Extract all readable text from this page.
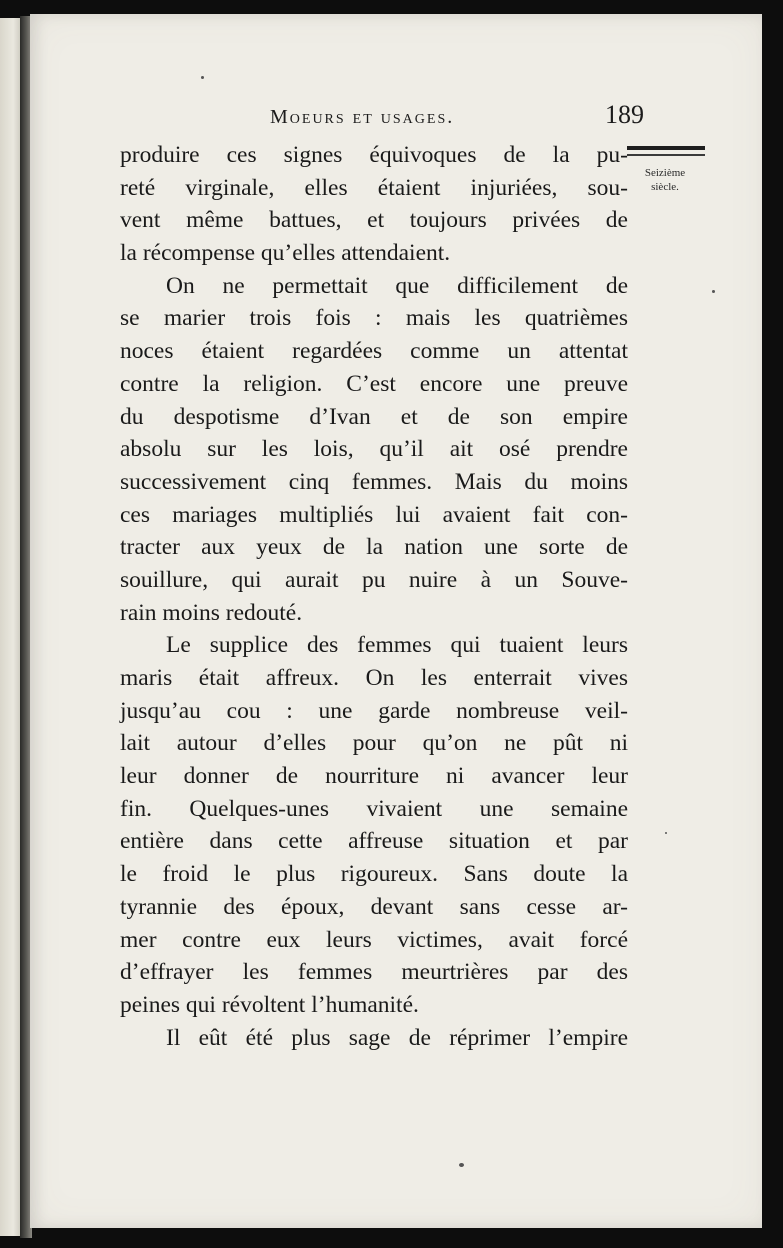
Moeurs et usages.	189
Seizième
siècle.
produire ces signes équivoques de la pu-
reté virginale, elles étaient injuriées, sou-
vent même battues, et toujours privées de
la récompense qu’elles attendaient.
On ne permettait que difficilement de
se marier trois fois : mais les quatrièmes
noces étaient regardées comme un attentat
contre la religion. C’est encore une preuve
du despotisme d’Ivan et de son empire
absolu sur les lois, qu’il ait osé prendre
successivement cinq femmes. Mais du moins
ces mariages multipliés lui avaient fait con-
tracter aux yeux de la nation une sorte de
souillure, qui aurait pu nuire à un Souve-
rain moins redouté.
Le supplice des femmes qui tuaient leurs
maris était affreux. On les enterrait vives
jusqu’au cou : une garde nombreuse veil-
lait autour d’elles pour qu’on ne pût ni
leur donner de nourriture ni avancer leur
fin. Quelques-unes vivaient une semaine
entière dans cette affreuse situation et par
le froid le plus rigoureux. Sans doute la
tyrannie des époux, devant sans cesse ar-
mer contre eux leurs victimes, avait forcé
d’effrayer les femmes meurtrières par des
peines qui révoltent l’humanité.
Il eût été plus sage de réprimer l’empire
